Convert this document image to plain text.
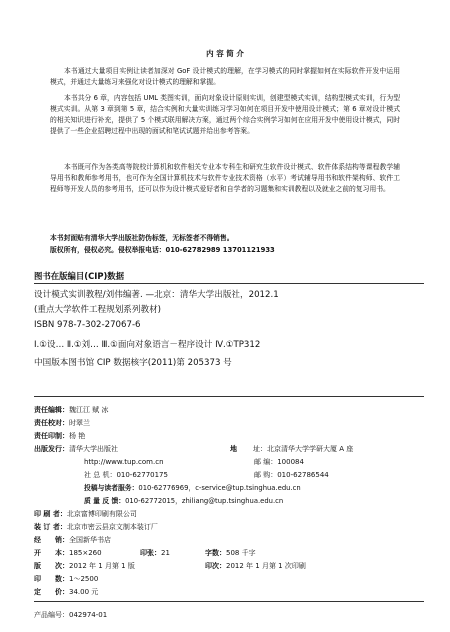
内 容 简 介
本书通过大量项目实例让读者加深对 GoF 设计模式的理解，在学习模式的同时掌握如何在实际软件开发中运用模式，并通过大量练习来强化对设计模式的理解和掌握。
本书共分 6 章，内容包括 UML 类图实训，面向对象设计原则实训，创建型模式实训，结构型模式实训，行为型模式实训。从第 3 章到第 5 章，结合实例和大量实训练习学习如何在项目开发中使用设计模式；第 6 章对设计模式的相关知识进行补充，提供了 5 个模式联用解决方案，通过两个综合实例学习如何在应用开发中使用设计模式，同时提供了一些企业招聘过程中出现的面试和笔试试题并给出参考答案。
本书既可作为各类高等院校计算机和软件相关专业本专科生和研究生软件设计模式、软件体系结构等课程教学辅导用书和教师参考用书，也可作为全国计算机技术与软件专业技术资格（水平）考试辅导用书和软件架构师、软件工程师等开发人员的参考用书，还可以作为设计模式爱好者和自学者的习题集和实训教程以及就业之前的复习用书。
本书封面贴有清华大学出版社防伪标签，无标签者不得销售。
版权所有，侵权必究。侵权举报电话：010-62782989 13701121933
图书在版编目(CIP)数据
设计模式实训教程/刘伟编著. —北京：清华大学出版社，2012.1
(重点大学软件工程规划系列教材)
ISBN 978-7-302-27067-6
Ⅰ.①设… Ⅱ.①刘… Ⅲ.①面向对象语言－程序设计 Ⅳ.①TP312
中国版本图书馆 CIP 数据核字(2011)第 205373 号
责任编辑：魏江江 赋 冰
责任校对：时翠兰
责任印制：杨 艳
出版发行：清华大学出版社	地 址：北京清华大学学研大厦 A 座
http://www.tup.com.cn	邮 编：100084
社 总 机：010-62770175	邮 购：010-62786544
投稿与读者服务：010-62776969，c-service@tup.tsinghua.edu.cn
质 量 反 馈：010-62772015，zhiliang@tup.tsinghua.edu.cn
印 刷 者：北京富博印刷有限公司
装 订 者：北京市密云县京文制本装订厂
经　　销：全国新华书店
开　　本：185×260	印张：21	字数：508 千字
版　　次：2012 年 1 月第 1 版	印次：2012 年 1 月第 1 次印刷
印　　数：1～2500
定　　价：34.00 元
产品编号：042974-01
